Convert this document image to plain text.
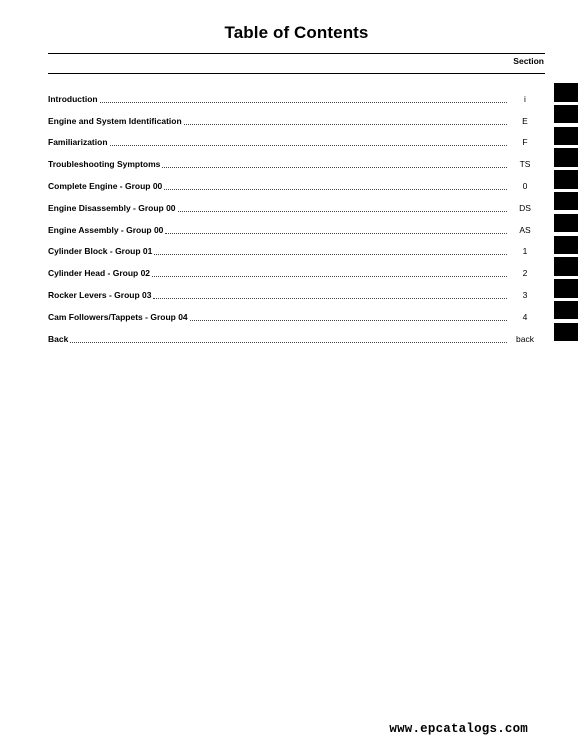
Table of Contents
Section
Introduction	i
Engine and System Identification	E
Familiarization	F
Troubleshooting Symptoms	TS
Complete Engine - Group 00	0
Engine Disassembly - Group 00	DS
Engine Assembly - Group 00	AS
Cylinder Block - Group 01	1
Cylinder Head - Group 02	2
Rocker Levers - Group 03	3
Cam Followers/Tappets - Group 04	4
Back	back
www.epcatalogs.com
